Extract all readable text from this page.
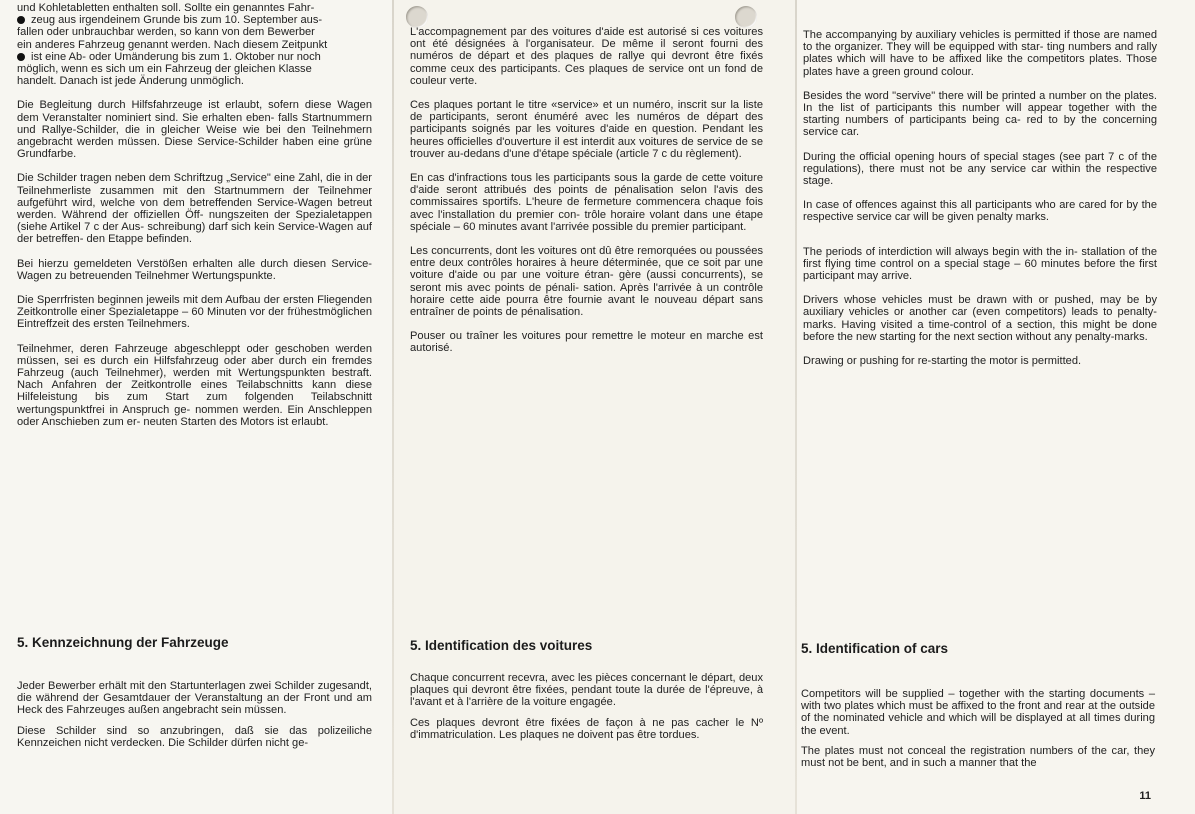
und Kohletabletten enthalten soll. Sollte ein genanntes Fahr-
zeug aus irgendeinem Grunde bis zum 10. September aus-
fallen oder unbrauchbar werden, so kann von dem Bewerber
ein anderes Fahrzeug genannt werden. Nach diesem Zeitpunkt
ist eine Ab- oder Umänderung bis zum 1. Oktober nur noch
möglich, wenn es sich um ein Fahrzeug der gleichen Klasse
handelt. Danach ist jede Änderung unmöglich.

Die Begleitung durch Hilfsfahrzeuge ist erlaubt, sofern diese Wagen dem Veranstalter nominiert sind. Sie erhalten eben- falls Startnummern und Rallye-Schilder, die in gleicher Weise wie bei den Teilnehmern angebracht werden müssen. Diese Service-Schilder haben eine grüne Grundfarbe.

Die Schilder tragen neben dem Schriftzug „Service" eine Zahl, die in der Teilnehmerliste zusammen mit den Startnummern der Teilnehmer aufgeführt wird, welche von dem betreffenden Service-Wagen betreut werden. Während der offiziellen Öff- nungszeiten der Spezialetappen (siehe Artikel 7 c der Aus- schreibung) darf sich kein Service-Wagen auf der betreffen- den Etappe befinden.

Bei hierzu gemeldeten Verstößen erhalten alle durch diesen Service-Wagen zu betreuenden Teilnehmer Wertungspunkte.

Die Sperrfristen beginnen jeweils mit dem Aufbau der ersten Fliegenden Zeitkontrolle einer Spezialetappe – 60 Minuten vor der frühestmöglichen Eintreffzeit des ersten Teilnehmers.

Teilnehmer, deren Fahrzeuge abgeschleppt oder geschoben werden müssen, sei es durch ein Hilfsfahrzeug oder aber durch ein fremdes Fahrzeug (auch Teilnehmer), werden mit Wertungspunkten bestraft. Nach Anfahren der Zeitkontrolle eines Teilabschnitts kann diese Hilfeleistung bis zum Start zum folgenden Teilabschnitt wertungspunktfrei in Anspruch ge- nommen werden. Ein Anschleppen oder Anschieben zum er- neuten Starten des Motors ist erlaubt.

5. Kennzeichnung der Fahrzeuge

Jeder Bewerber erhält mit den Startunterlagen zwei Schilder zugesandt, die während der Gesamtdauer der Veranstaltung an der Front und am Heck des Fahrzeuges außen angebracht sein müssen.

Diese Schilder sind so anzubringen, daß sie das polizeiliche Kennzeichen nicht verdecken. Die Schilder dürfen nicht ge-

L'accompagnement par des voitures d'aide est autorisé si ces voitures ont été désignées à l'organisateur. De même il seront fourni des numéros de départ et des plaques de rallye qui devront être fixés comme ceux des participants. Ces plaques de service ont un fond de couleur verte.

Ces plaques portant le titre «service» et un numéro, inscrit sur la liste de participants, seront énuméré avec les numéros de départ des participants soignés par les voitures d'aide en question. Pendant les heures officielles d'ouverture il est interdit aux voitures de service de se trouver au-dedans d'une d'étape spéciale (article 7 c du règlement).

En cas d'infractions tous les participants sous la garde de cette voiture d'aide seront attribués des points de pénalisation selon l'avis des commissaires sportifs. L'heure de fermeture commencera chaque fois avec l'installation du premier con- trôle horaire volant dans une étape spéciale – 60 minutes avant l'arrivée possible du premier participant.

Les concurrents, dont les voitures ont dû être remorquées ou poussées entre deux contrôles horaires à heure déterminée, que ce soit par une voiture d'aide ou par une voiture étran- gère (aussi concurrents), se seront mis avec points de pénali- sation. Après l'arrivée à un contrôle horaire cette aide pourra être fournie avant le nouveau départ sans entraîner de points de pénalisation.

Pouser ou traîner les voitures pour remettre le moteur en marche est autorisé.

5. Identification des voitures

Chaque concurrent recevra, avec les pièces concernant le départ, deux plaques qui devront être fixées, pendant toute la durée de l'épreuve, à l'avant et à l'arrière de la voiture engagée.

Ces plaques devront être fixées de façon à ne pas cacher le Nº d'immatriculation. Les plaques ne doivent pas être tordues.

The accompanying by auxiliary vehicles is permitted if those are named to the organizer. They will be equipped with star- ting numbers and rally plates which will have to be affixed like the competitors plates. Those plates have a green ground colour.

Besides the word "servive" there will be printed a number on the plates. In the list of participants this number will appear together with the starting numbers of participants being ca- red to by the concerning service car.

During the official opening hours of special stages (see part 7 c of the regulations), there must not be any service car within the respective stage.

In case of offences against this all participants who are cared for by the respective service car will be given penalty marks.

The periods of interdiction will always begin with the in- stallation of the first flying time control on a special stage – 60 minutes before the first participant may arrive.

Drivers whose vehicles must be drawn with or pushed, may be by auxiliary vehicles or another car (even competitors) leads to penalty-marks. Having visited a time-control of a section, this might be done before the new starting for the next section without any penalty-marks.

Drawing or pushing for re-starting the motor is permitted.

5. Identification of cars

Competitors will be supplied – together with the starting documents – with two plates which must be affixed to the front and rear at the outside of the nominated vehicle and which will be displayed at all times during the event.

The plates must not conceal the registration numbers of the car, they must not be bent, and in such a manner that the

11
